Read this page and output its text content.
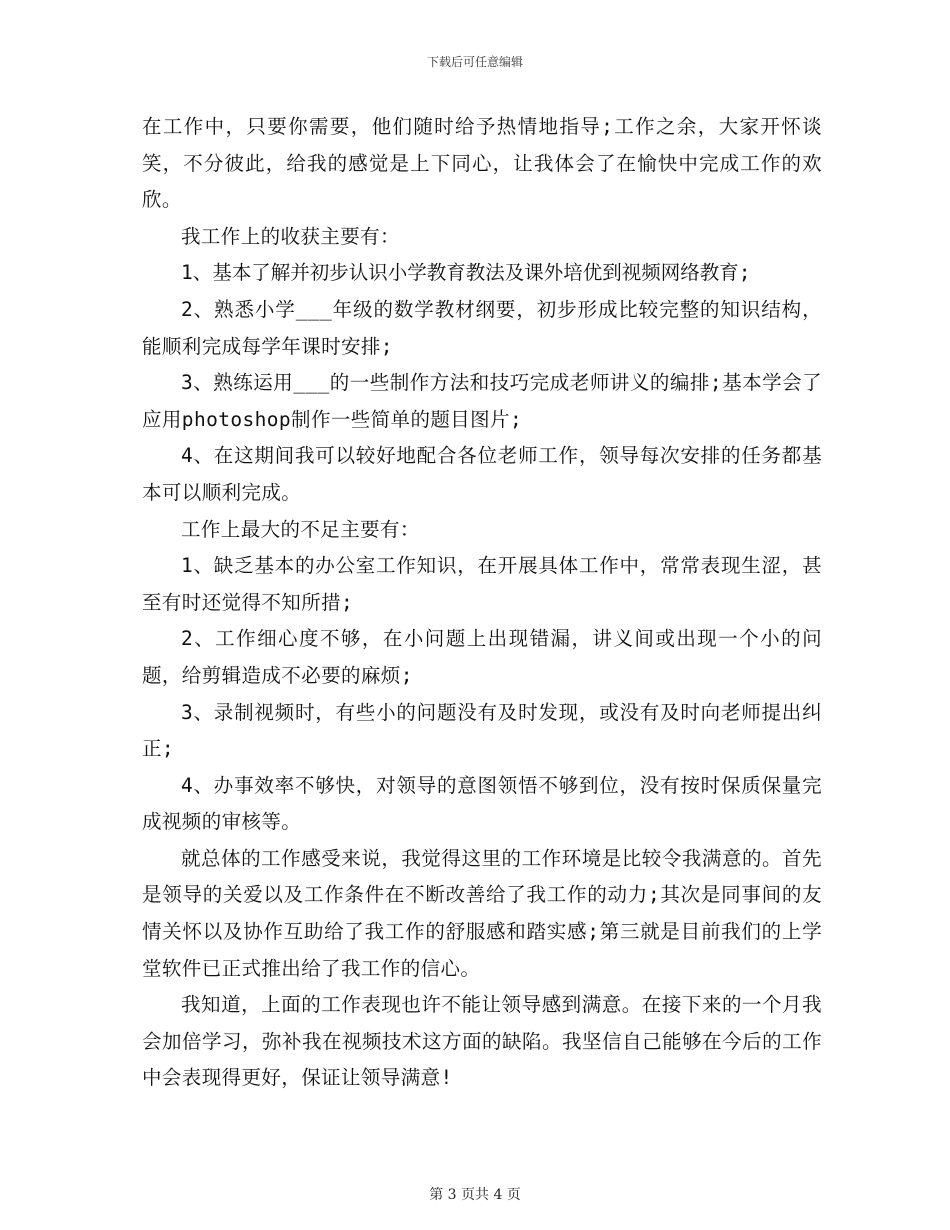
下载后可任意编辑

在工作中，只要你需要，他们随时给予热情地指导;工作之余，大家开怀谈笑，不分彼此，给我的感觉是上下同心，让我体会了在愉快中完成工作的欢欣。

我工作上的收获主要有：

1、基本了解并初步认识小学教育教法及课外培优到视频网络教育;

2、熟悉小学___年级的数学教材纲要，初步形成比较完整的知识结构，能顺利完成每学年课时安排;

3、熟练运用___的一些制作方法和技巧完成老师讲义的编排;基本学会了应用photoshop制作一些简单的题目图片;

4、在这期间我可以较好地配合各位老师工作，领导每次安排的任务都基本可以顺利完成。

工作上最大的不足主要有：

1、缺乏基本的办公室工作知识，在开展具体工作中，常常表现生涩，甚至有时还觉得不知所措;

2、工作细心度不够，在小问题上出现错漏，讲义间或出现一个小的问题，给剪辑造成不必要的麻烦;

3、录制视频时，有些小的问题没有及时发现，或没有及时向老师提出纠正;

4、办事效率不够快，对领导的意图领悟不够到位，没有按时保质保量完成视频的审核等。

就总体的工作感受来说，我觉得这里的工作环境是比较令我满意的。首先是领导的关爱以及工作条件在不断改善给了我工作的动力;其次是同事间的友情关怀以及协作互助给了我工作的舒服感和踏实感;第三就是目前我们的上学堂软件已正式推出给了我工作的信心。

我知道，上面的工作表现也许不能让领导感到满意。在接下来的一个月我会加倍学习，弥补我在视频技术这方面的缺陷。我坚信自己能够在今后的工作中会表现得更好，保证让领导满意!

第 3 页共 4 页
